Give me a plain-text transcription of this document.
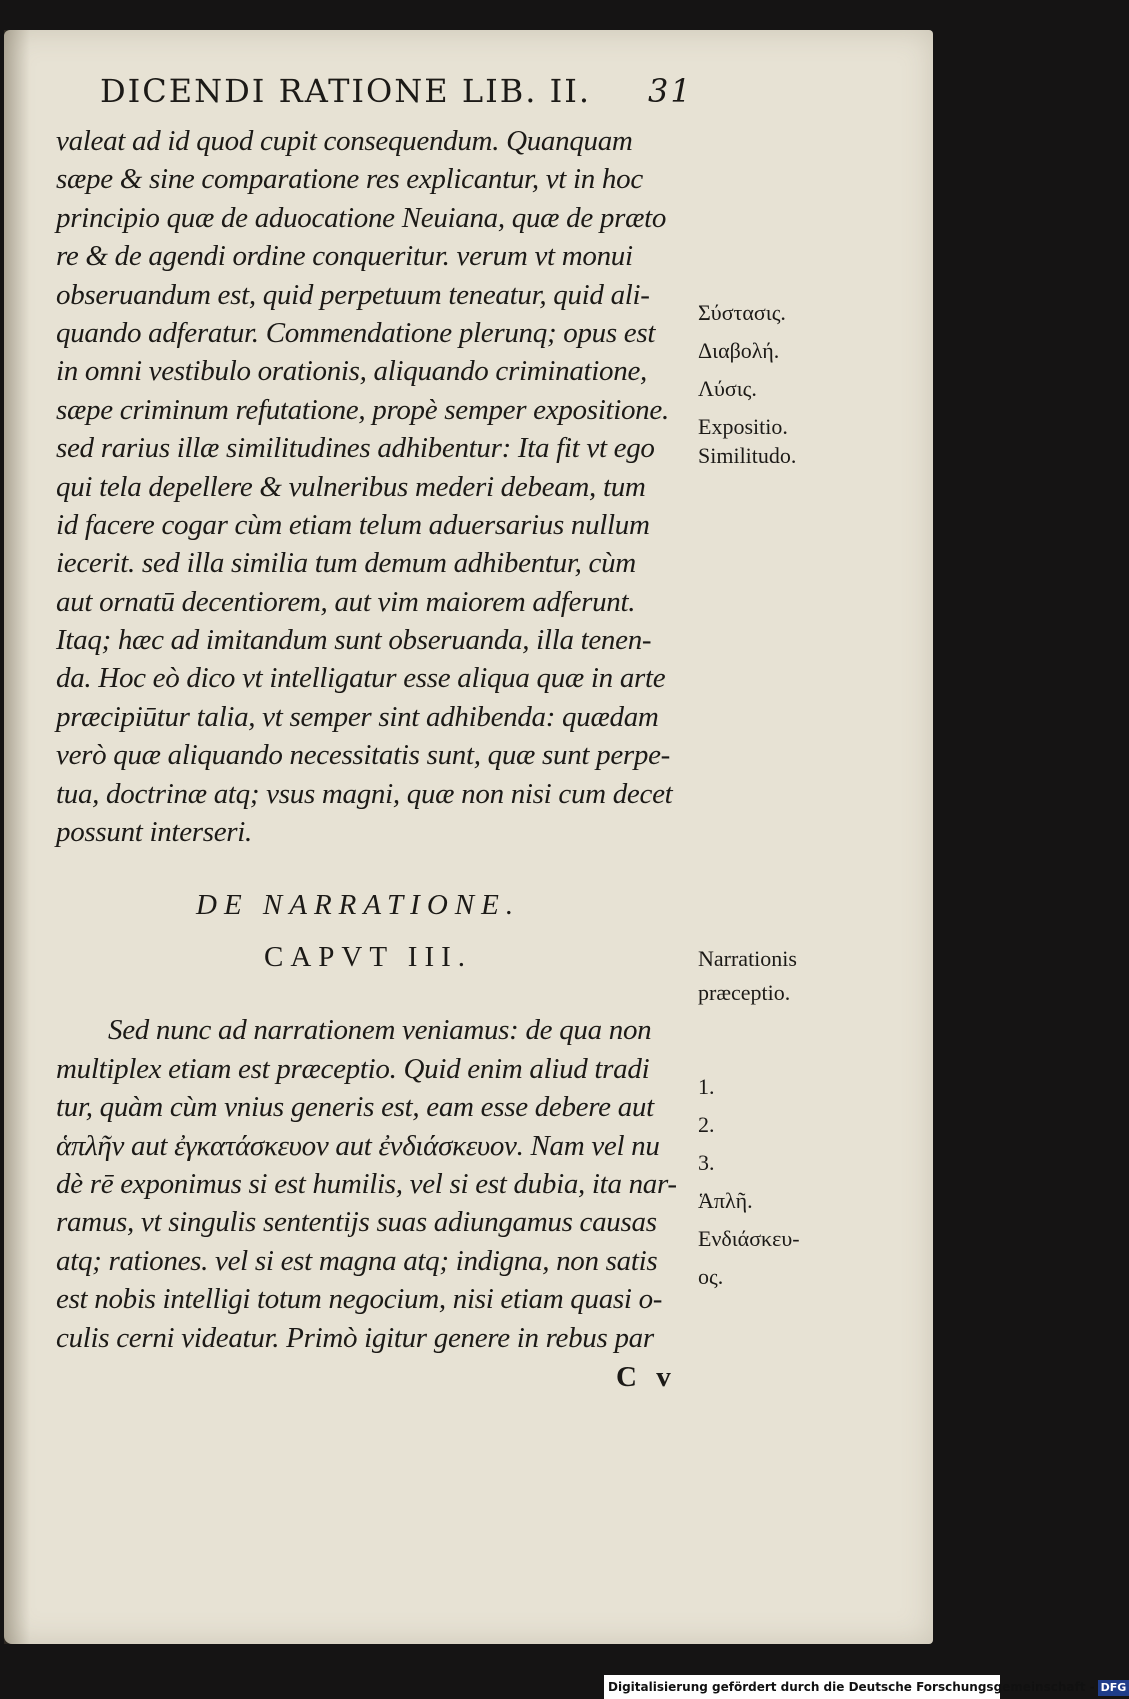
DICENDI RATIONE LIB. II. 31
valeat ad id quod cupit consequendum. Quanquam
sæpe & sine comparatione res explicantur, vt in hoc
principio quæ de aduocatione Neuiana, quæ de præto
re & de agendi ordine conqueritur. verum vt monui
obseruandum est, quid perpetuum teneatur, quid ali-
quando adferatur. Commendatione plerunq; opus est
in omni vestibulo orationis, aliquando criminatione,
sæpe criminum refutatione, propè semper expositione.
sed rarius illæ similitudines adhibentur: Ita fit vt ego
qui tela depellere & vulneribus mederi debeam, tum
id facere cogar cùm etiam telum aduersarius nullum
iecerit. sed illa similia tum demum adhibentur, cùm
aut ornatū decentiorem, aut vim maiorem adferunt.
Itaq; hæc ad imitandum sunt obseruanda, illa tenen-
da. Hoc eò dico vt intelligatur esse aliqua quæ in arte
præcipiūtur talia, vt semper sint adhibenda: quædam
verò quæ aliquando necessitatis sunt, quæ sunt perpe-
tua, doctrinæ atq; vsus magni, quæ non nisi cum decet
possunt interseri.
DE NARRATIONE.
CAPVT III.
Sed nunc ad narrationem veniamus: de qua non
multiplex etiam est præceptio. Quid enim aliud tradi
tur, quàm cùm vnius generis est, eam esse debere aut
ἁπλῆν aut ἐγκατάσκευον aut ἐνδιάσκευον. Nam vel nu
dè rē exponimus si est humilis, vel si est dubia, ita nar-
ramus, vt singulis sententijs suas adiungamus causas
atq; rationes. vel si est magna atq; indigna, non satis
est nobis intelligi totum negocium, nisi etiam quasi o-
culis cerni videatur. Primò igitur genere in rebus par
C v
Σύστασις.
Διαβολή.
Λύσις.
Expositio.
Similitudo.
Narrationis
præceptio.
1.
2.
3.
Ἁπλῆ.
Ενδιάσκευ-
ος.
Digitalisierung gefördert durch die Deutsche Forschungsgemeinschaft - DFG
